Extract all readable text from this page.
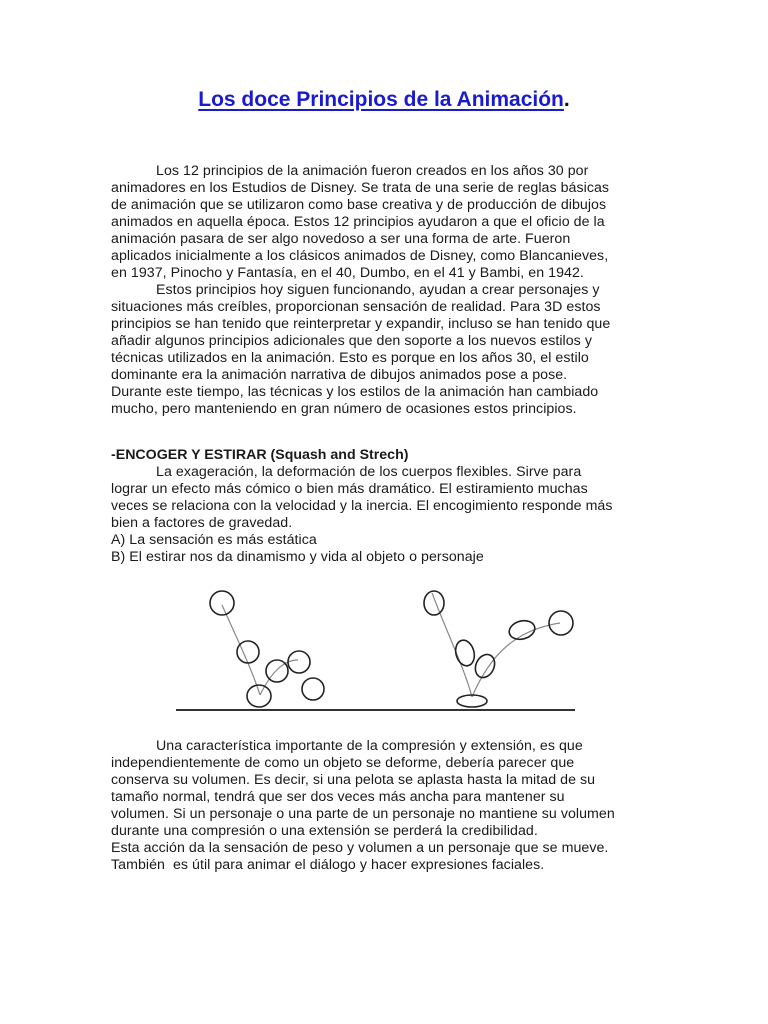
Los doce Principios de la Animación.

Los 12 principios de la animación fueron creados en los años 30 por
animadores en los Estudios de Disney. Se trata de una serie de reglas básicas
de animación que se utilizaron como base creativa y de producción de dibujos
animados en aquella época. Estos 12 principios ayudaron a que el oficio de la
animación pasara de ser algo novedoso a ser una forma de arte. Fueron
aplicados inicialmente a los clásicos animados de Disney, como Blancanieves,
en 1937, Pinocho y Fantasía, en el 40, Dumbo, en el 41 y Bambi, en 1942.

Estos principios hoy siguen funcionando, ayudan a crear personajes y
situaciones más creíbles, proporcionan sensación de realidad. Para 3D estos
principios se han tenido que reinterpretar y expandir, incluso se han tenido que
añadir algunos principios adicionales que den soporte a los nuevos estilos y
técnicas utilizados en la animación. Esto es porque en los años 30, el estilo
dominante era la animación narrativa de dibujos animados pose a pose.
Durante este tiempo, las técnicas y los estilos de la animación han cambiado
mucho, pero manteniendo en gran número de ocasiones estos principios.

-ENCOGER Y ESTIRAR (Squash and Strech)

La exageración, la deformación de los cuerpos flexibles. Sirve para
lograr un efecto más cómico o bien más dramático. El estiramiento muchas
veces se relaciona con la velocidad y la inercia. El encogimiento responde más
bien a factores de gravedad.
A) La sensación es más estática
B) El estirar nos da dinamismo y vida al objeto o personaje

Una característica importante de la compresión y extensión, es que
independientemente de como un objeto se deforme, debería parecer que
conserva su volumen. Es decir, si una pelota se aplasta hasta la mitad de su
tamaño normal, tendrá que ser dos veces más ancha para mantener su
volumen. Si un personaje o una parte de un personaje no mantiene su volumen
durante una compresión o una extensión se perderá la credibilidad.
Esta acción da la sensación de peso y volumen a un personaje que se mueve.
También  es útil para animar el diálogo y hacer expresiones faciales.
